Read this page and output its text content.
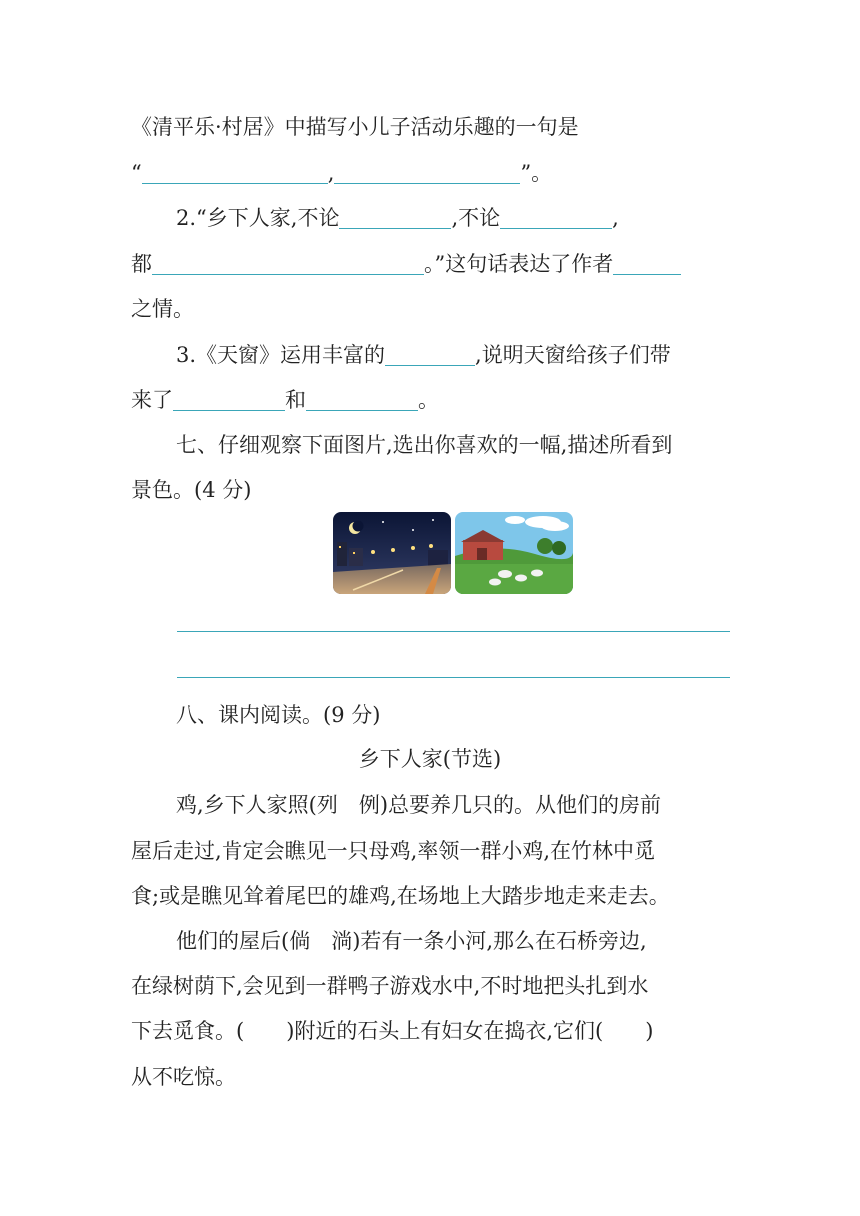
《清平乐·村居》中描写小儿子活动乐趣的一句是
“	,	”。
2.“乡下人家,不论	,不论	,
都	。”这句话表达了作者
之情。
3.《天窗》运用丰富的	,说明天窗给孩子们带
来了	和	。
七、仔细观察下面图片,选出你喜欢的一幅,描述所看到
景色。(4 分)
八、课内阅读。(9 分)
乡下人家(节选)
鸡,乡下人家照(列　例)总要养几只的。从他们的房前
屋后走过,肯定会瞧见一只母鸡,率领一群小鸡,在竹林中觅
食;或是瞧见耸着尾巴的雄鸡,在场地上大踏步地走来走去。
他们的屋后(倘　淌)若有一条小河,那么在石桥旁边,
在绿树荫下,会见到一群鸭子游戏水中,不时地把头扎到水
下去觅食。(　　)附近的石头上有妇女在捣衣,它们(　　)
从不吃惊。
